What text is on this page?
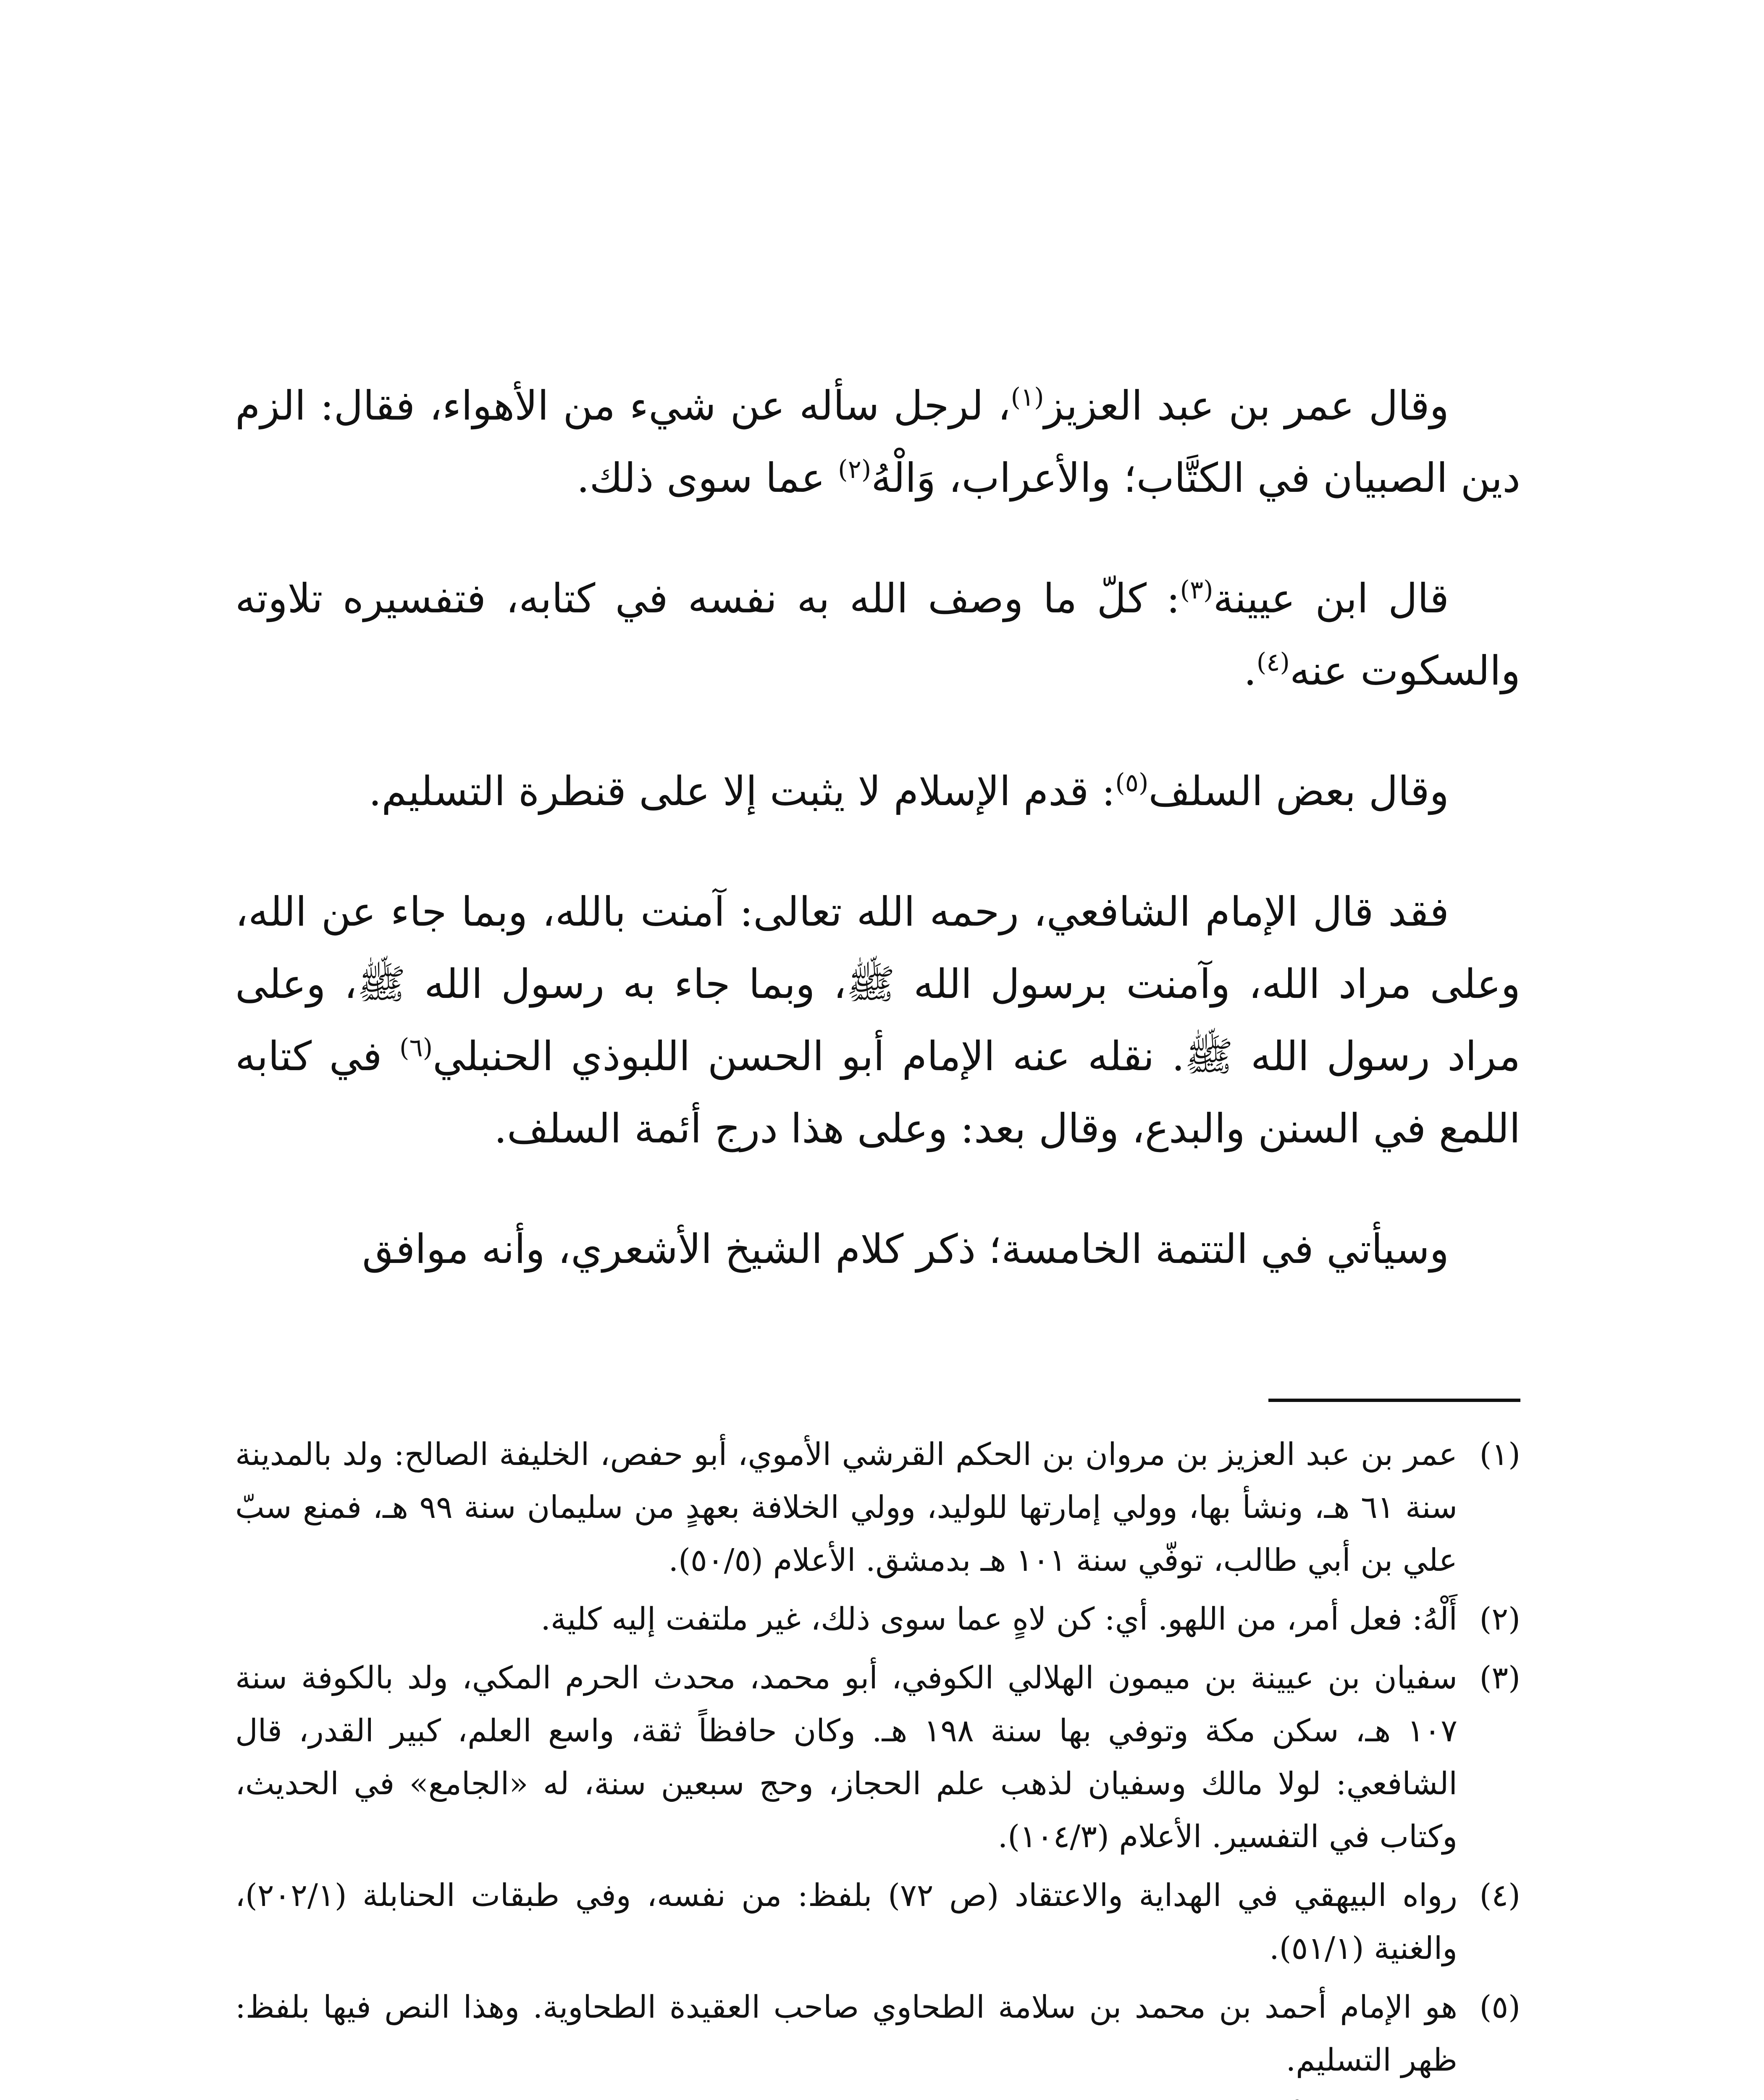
وقال عمر بن عبد العزيز$^{(١)}$، لرجل سأله عن شيء من الأهواء، فقال: الزم دين الصبيان في الكتَّاب؛ والأعراب، وَالْهُ$^{(٢)}$ عما سوى ذلك.

قال ابن عيينة$^{(٣)}$: كلّ ما وصف الله به نفسه في كتابه، فتفسيره تلاوته والسكوت عنه$^{(٤)}$.

وقال بعض السلف$^{(٥)}$: قدم الإسلام لا يثبت إلا على قنطرة التسليم.

فقد قال الإمام الشافعي، رحمه الله تعالى: آمنت بالله، وبما جاء عن الله، وعلى مراد الله، وآمنت برسول الله ﷺ، وبما جاء به رسول الله ﷺ، وعلى مراد رسول الله ﷺ. نقله عنه الإمام أبو الحسن اللبوذي الحنبلي$^{(٦)}$ في كتابه اللمع في السنن والبدع، وقال بعد: وعلى هذا درج أئمة السلف.

وسيأتي في التتمة الخامسة؛ ذكر كلام الشيخ الأشعري، وأنه موافق

(١)
عمر بن عبد العزيز بن مروان بن الحكم القرشي الأموي، أبو حفص، الخليفة الصالح: ولد بالمدينة سنة ٦١ هـ، ونشأ بها، وولي إمارتها للوليد، وولي الخلافة بعهدٍ من سليمان سنة ٩٩ هـ، فمنع سبّ علي بن أبي طالب، توفّي سنة ١٠١ هـ بدمشق. الأعلام (٥٠/٥).
(٢)
أَلْهُ: فعل أمر، من اللهو. أي: كن لاهٍ عما سوى ذلك، غير ملتفت إليه كلية.
(٣)
سفيان بن عيينة بن ميمون الهلالي الكوفي، أبو محمد، محدث الحرم المكي، ولد بالكوفة سنة ١٠٧ هـ، سكن مكة وتوفي بها سنة ١٩٨ هـ. وكان حافظاً ثقة، واسع العلم، كبير القدر، قال الشافعي: لولا مالك وسفيان لذهب علم الحجاز، وحج سبعين سنة، له «الجامع» في الحديث، وكتاب في التفسير. الأعلام (١٠٤/٣).
(٤)
رواه البيهقي في الهداية والاعتقاد (ص ٧٢) بلفظ: من نفسه، وفي طبقات الحنابلة (٢٠٢/١)، والغنية (٥١/١).
(٥)
هو الإمام أحمد بن محمد بن سلامة الطحاوي صاحب العقيدة الطحاوية. وهذا النص فيها بلفظ: ظهر التسليم.
